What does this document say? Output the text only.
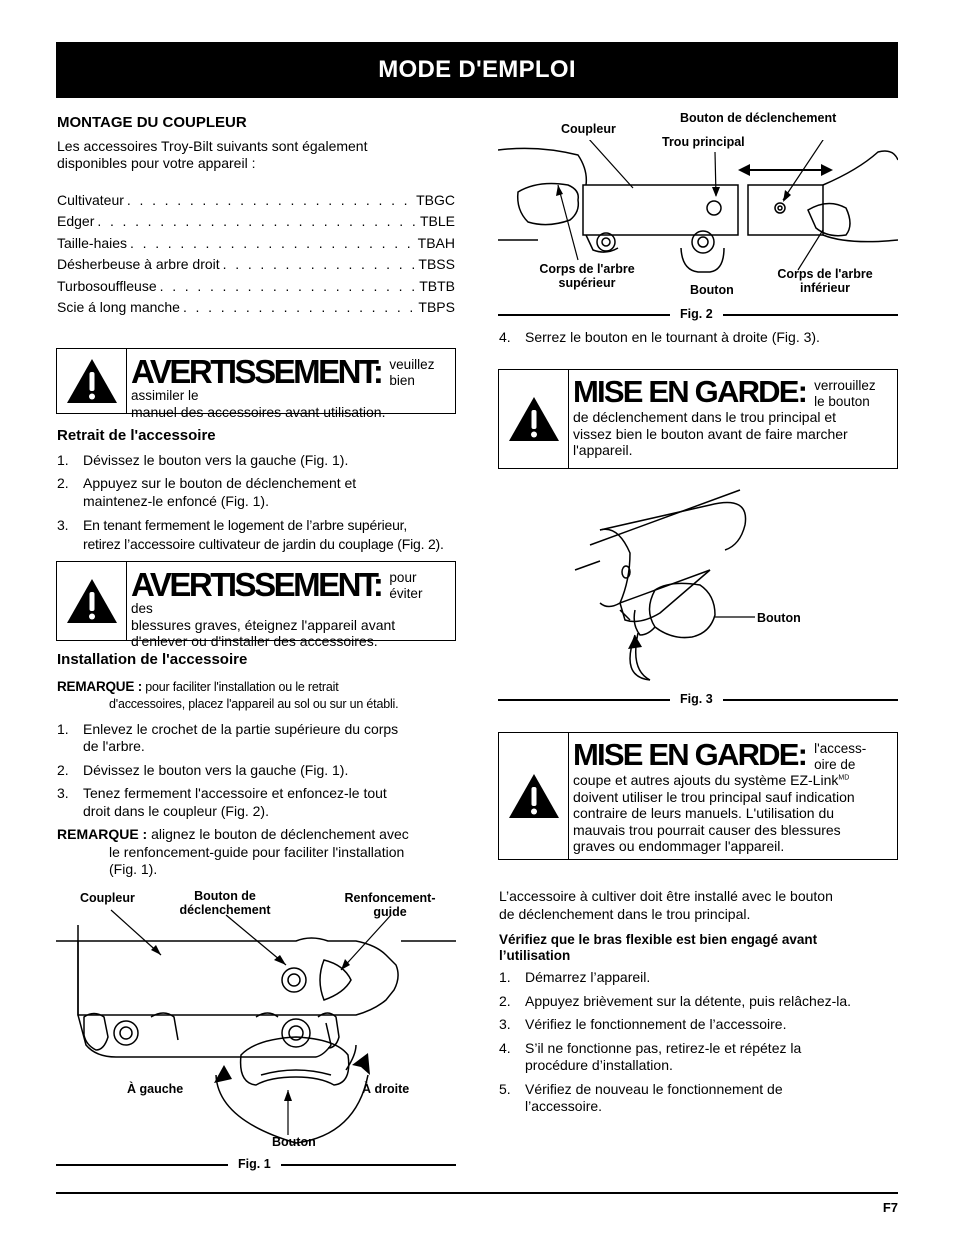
MODE D'EMPLOI
MONTAGE DU COUPLEUR
Les accessoires Troy-Bilt suivants sont également
disponibles pour votre appareil :
Cultivateur . . .	TBGC
Edger . . .	TBLE
Taille-haies . . .	TBAH
Désherbeuse à arbre droit . . .	TBSS
Turbosouffleuse . . .	TBTB
Scie á long manche . . .	TBPS
AVERTISSEMENT: veuillez bien
assimiler le
manuel des accessoires avant utilisation.
Retrait de l'accessoire
1.	Dévissez le bouton vers la gauche (Fig. 1).
2.	Appuyez sur le bouton de déclenchement et
maintenez-le enfoncé (Fig. 1).
3.	En tenant fermement le logement de l’arbre supérieur,
retirez l’accessoire cultivateur de jardin du couplage (Fig. 2).
AVERTISSEMENT: pour éviter
des
blessures graves, éteignez l'appareil avant
d'enlever ou d'installer des accessoires.
Installation de l'accessoire
REMARQUE : pour faciliter l'installation ou le retrait
d'accessoires, placez l'appareil au sol ou sur un établi.
1.	Enlevez le crochet de la partie supérieure du corps
de l'arbre.
2.	Dévissez le bouton vers la gauche (Fig. 1).
3.	Tenez fermement l'accessoire et enfoncez-le tout
droit dans le coupleur (Fig. 2).
REMARQUE : alignez le bouton de déclenchement avec
le renfoncement-guide pour faciliter l'installation
(Fig. 1).
Coupleur	Bouton de
déclenchement
Renfoncement-
guide
À gauche	À droite
Bouton
Fig. 1
Bouton de déclenchement
Coupleur
Trou principal
Corps de l'arbre
supérieur	Bouton
Corps de l'arbre
inférieur
Fig. 2
4.	Serrez le bouton en le tournant à droite (Fig. 3).
MISE EN GARDE: verrouillez
le bouton
de déclenchement dans le trou principal et
vissez bien le bouton avant de faire marcher
l'appareil.
Bouton
Fig. 3
MISE EN GARDE: l'access-
oire de
coupe et autres ajouts du système EZ-Link$^{MD}$
doivent utiliser le trou principal sauf indication
contraire de leurs manuels. L'utilisation du
mauvais trou pourrait causer des blessures
graves ou endommager l'appareil.
L’accessoire à cultiver doit être installé avec le bouton
de déclenchement dans le trou principal.
Vérifiez que le bras flexible est bien engagé avant
l’utilisation
1.	Démarrez l’appareil.
2.	Appuyez brièvement sur la détente, puis relâchez-la.
3.	Vérifiez le fonctionnement de l’accessoire.
4.	S’il ne fonctionne pas, retirez-le et répétez la
procédure d’installation.
5.	Vérifiez de nouveau le fonctionnement de
l’accessoire.
F7
